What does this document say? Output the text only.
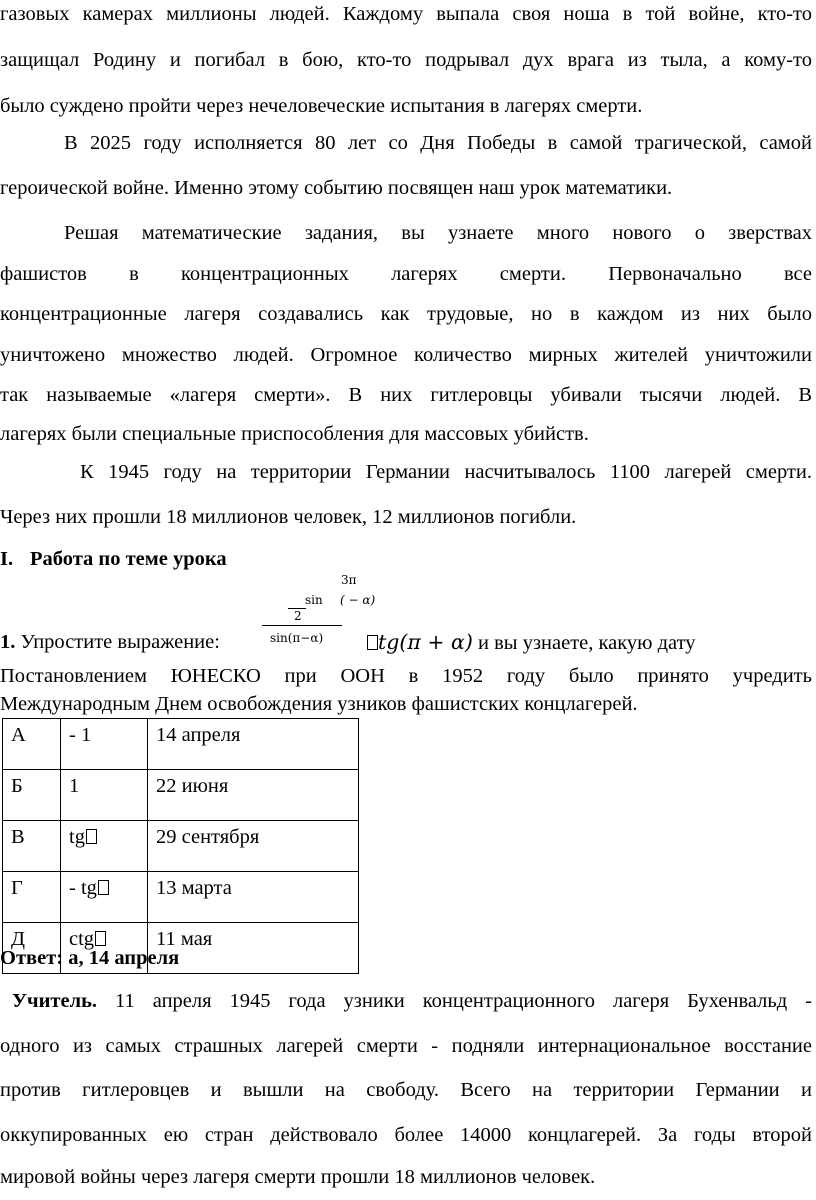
газовых камерах миллионы людей. Каждому выпала своя ноша в той войне, кто-то
защищал Родину и погибал в бою, кто-то подрывал дух врага из тыла, а кому-то
было суждено пройти через нечеловеческие испытания в лагерях смерти.
В 2025 году исполняется 80 лет со Дня Победы в самой трагической, самой
героической войне. Именно этому событию посвящен наш урок математики.
Решая математические задания, вы узнаете много нового о зверствах
фашистов в концентрационных лагерях смерти. Первоначально все
концентрационные лагеря создавались как трудовые, но в каждом из них было
уничтожено множество людей. Огромное количество мирных жителей уничтожили
так называемые «лагеря смерти». В них гитлеровцы убивали тысячи людей. В
лагерях были специальные приспособления для массовых убийств.
К 1945 году на территории Германии насчитывалось 1100 лагерей смерти.
Через них прошли 18 миллионов человек, 12 миллионов погибли.
I. Работа по теме урока
3π
sin ( − α)
2
sin(π−α)
1. Упростите выражение:	tg(π + α) и вы узнаете, какую дату
Постановлением ЮНЕСКО при ООН в 1952 году было принято учредить
Международным Днем освобождения узников фашистских концлагерей.
А	- 1	14 апреля
Б	1	22 июня
В	tg	29 сентября
Г	- tg	13 марта
Д	ctg	11 мая
Ответ: а, 14 апреля
Учитель. 11 апреля 1945 года узники концентрационного лагеря Бухенвальд -
одного из самых страшных лагерей смерти - подняли интернациональное восстание
против гитлеровцев и вышли на свободу. Всего на территории Германии и
оккупированных ею стран действовало более 14000 концлагерей. За годы второй
мировой войны через лагеря смерти прошли 18 миллионов человек.
